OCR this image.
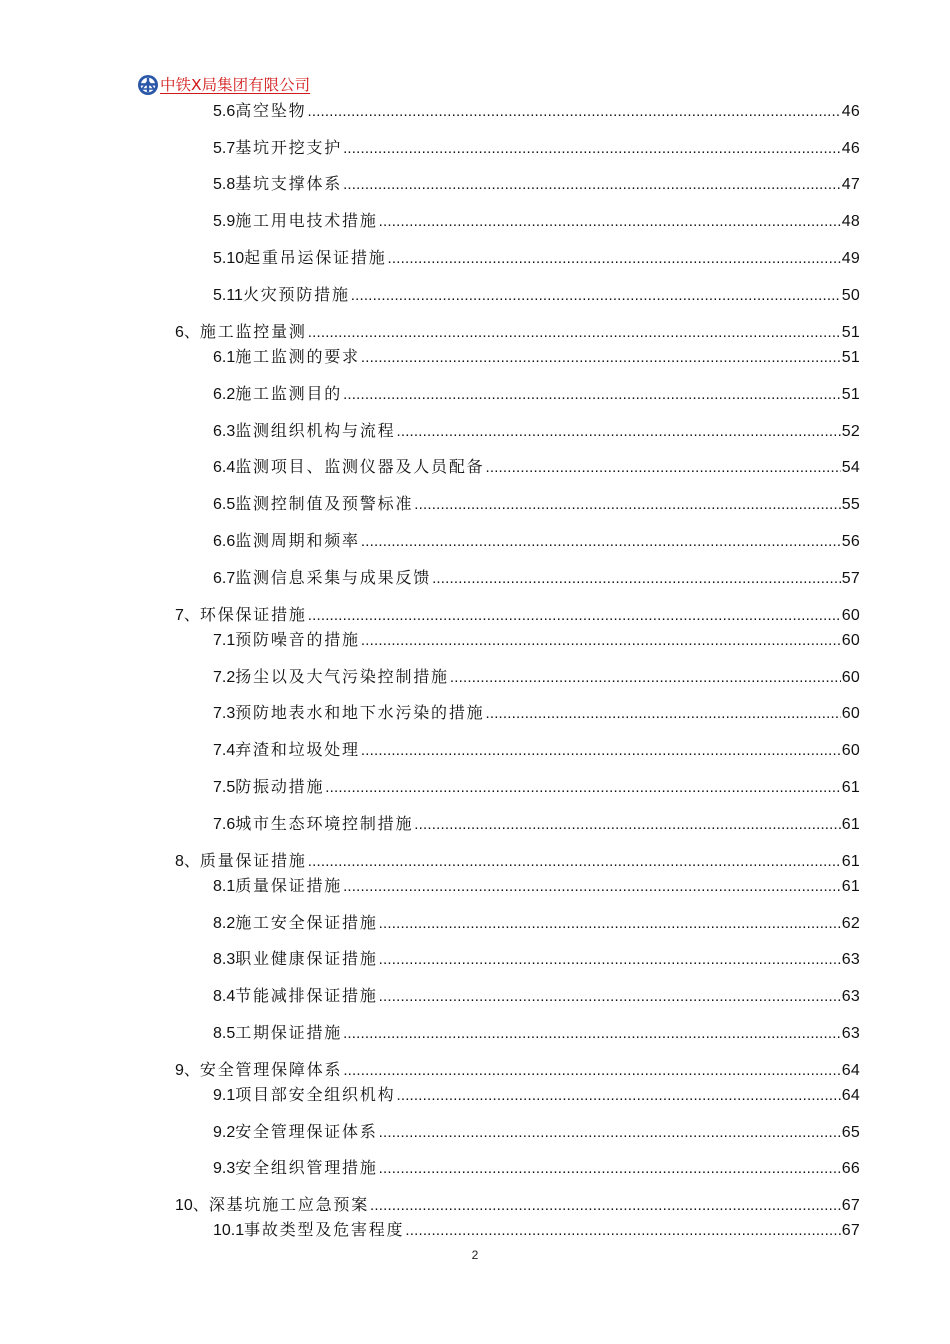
中铁Ⅹ局集团有限公司
5.6高空坠物 .....	46
5.7基坑开挖支护 .....	46
5.8基坑支撑体系 .....	47
5.9施工用电技术措施 .....	48
5.10起重吊运保证措施 .....	49
5.11火灾预防措施 .....	50
6、施工监控量测 .....	51
6.1施工监测的要求 .....	51
6.2施工监测目的 .....	51
6.3监测组织机构与流程 .....	52
6.4监测项目、监测仪器及人员配备 .....	54
6.5监测控制值及预警标准 .....	55
6.6监测周期和频率 .....	56
6.7监测信息采集与成果反馈 .....	57
7、环保保证措施 .....	60
7.1预防噪音的措施 .....	60
7.2扬尘以及大气污染控制措施 .....	60
7.3预防地表水和地下水污染的措施 .....	60
7.4弃渣和垃圾处理 .....	60
7.5防振动措施 .....	61
7.6城市生态环境控制措施 .....	61
8、质量保证措施 .....	61
8.1质量保证措施 .....	61
8.2施工安全保证措施 .....	62
8.3职业健康保证措施 .....	63
8.4节能减排保证措施 .....	63
8.5工期保证措施 .....	63
9、安全管理保障体系 .....	64
9.1项目部安全组织机构 .....	64
9.2安全管理保证体系 .....	65
9.3安全组织管理措施 .....	66
10、深基坑施工应急预案 .....	67
10.1事故类型及危害程度 .....	67
2
